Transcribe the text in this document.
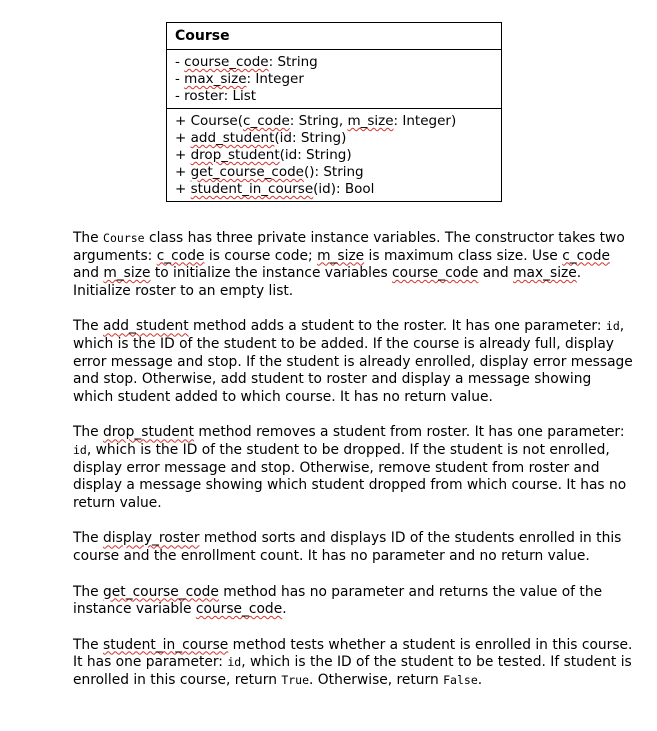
Course
- course_code: String
- max_size: Integer
- roster: List
+ Course(c_code: String, m_size: Integer)
+ add_student(id: String)
+ drop_student(id: String)
+ get_course_code(): String
+ student_in_course(id): Bool

The Course class has three private instance variables. The constructor takes two arguments: c_code is course code; m_size is maximum class size. Use c_code and m_size to initialize the instance variables course_code and max_size. Initialize roster to an empty list.

The add_student method adds a student to the roster. It has one parameter: id, which is the ID of the student to be added. If the course is already full, display error message and stop. If the student is already enrolled, display error message and stop. Otherwise, add student to roster and display a message showing which student added to which course. It has no return value.

The drop_student method removes a student from roster. It has one parameter: id, which is the ID of the student to be dropped. If the student is not enrolled, display error message and stop. Otherwise, remove student from roster and display a message showing which student dropped from which course. It has no return value.

The display_roster method sorts and displays ID of the students enrolled in this course and the enrollment count. It has no parameter and no return value.

The get_course_code method has no parameter and returns the value of the instance variable course_code.

The student_in_course method tests whether a student is enrolled in this course. It has one parameter: id, which is the ID of the student to be tested. If student is enrolled in this course, return True. Otherwise, return False.
